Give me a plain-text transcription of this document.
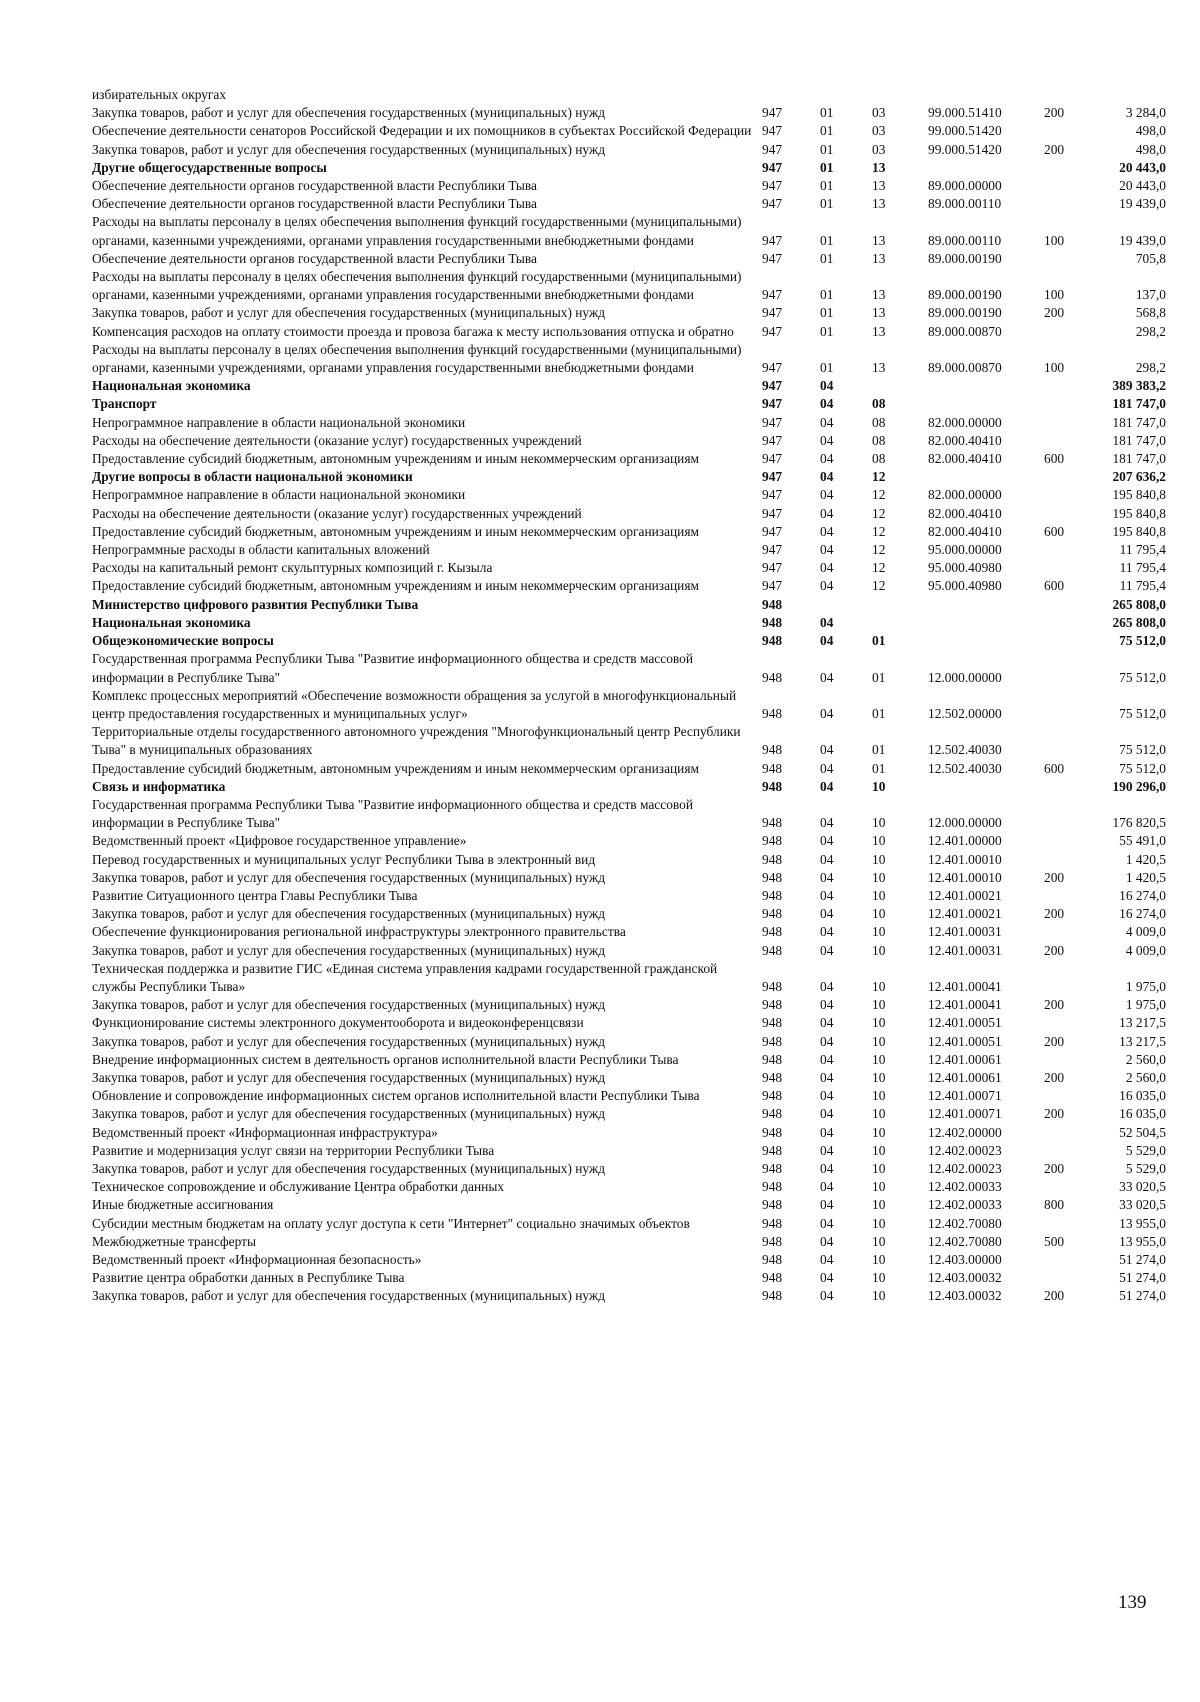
избирательных округах						
Закупка товаров, работ и услуг для обеспечения государственных (муниципальных) нужд	947	01	03	99.000.51410	200	3 284,0
Обеспечение деятельности сенаторов Российской Федерации и их помощников в субъектах Российской Федерации	947	01	03	99.000.51420		498,0
Закупка товаров, работ и услуг для обеспечения государственных (муниципальных) нужд	947	01	03	99.000.51420	200	498,0
Другие общегосударственные вопросы	947	01	13			20 443,0
Обеспечение деятельности органов государственной власти Республики Тыва	947	01	13	89.000.00000		20 443,0
Обеспечение деятельности органов государственной власти Республики Тыва	947	01	13	89.000.00110		19 439,0
Расходы на выплаты персоналу в целях обеспечения выполнения функций государственными (муниципальными) органами, казенными учреждениями, органами управления государственными внебюджетными фондами	947	01	13	89.000.00110	100	19 439,0
Обеспечение деятельности органов государственной власти Республики Тыва	947	01	13	89.000.00190		705,8
Расходы на выплаты персоналу в целях обеспечения выполнения функций государственными (муниципальными) органами, казенными учреждениями, органами управления государственными внебюджетными фондами	947	01	13	89.000.00190	100	137,0
Закупка товаров, работ и услуг для обеспечения государственных (муниципальных) нужд	947	01	13	89.000.00190	200	568,8
Компенсация расходов на оплату стоимости проезда и провоза багажа к месту использования отпуска и обратно	947	01	13	89.000.00870		298,2
Расходы на выплаты персоналу в целях обеспечения выполнения функций государственными (муниципальными) органами, казенными учреждениями, органами управления государственными внебюджетными фондами	947	01	13	89.000.00870	100	298,2
Национальная экономика	947	04				389 383,2
Транспорт	947	04	08			181 747,0
Непрограммное направление в области национальной экономики	947	04	08	82.000.00000		181 747,0
Расходы на обеспечение деятельности (оказание услуг) государственных учреждений	947	04	08	82.000.40410		181 747,0
Предоставление субсидий бюджетным, автономным учреждениям и иным некоммерческим организациям	947	04	08	82.000.40410	600	181 747,0
Другие вопросы в области национальной экономики	947	04	12			207 636,2
Непрограммное направление в области национальной экономики	947	04	12	82.000.00000		195 840,8
Расходы на обеспечение деятельности (оказание услуг) государственных учреждений	947	04	12	82.000.40410		195 840,8
Предоставление субсидий бюджетным, автономным учреждениям и иным некоммерческим организациям	947	04	12	82.000.40410	600	195 840,8
Непрограммные расходы в области капитальных вложений	947	04	12	95.000.00000		11 795,4
Расходы на капитальный ремонт скульптурных композиций г. Кызыла	947	04	12	95.000.40980		11 795,4
Предоставление субсидий бюджетным, автономным учреждениям и иным некоммерческим организациям	947	04	12	95.000.40980	600	11 795,4
Министерство цифрового развития Республики Тыва	948					265 808,0
Национальная экономика	948	04				265 808,0
Общеэкономические вопросы	948	04	01			75 512,0
Государственная программа Республики Тыва "Развитие информационного общества и средств массовой информации в Республике Тыва"	948	04	01	12.000.00000		75 512,0
Комплекс процессных мероприятий «Обеспечение возможности обращения за услугой в многофункциональный центр предоставления государственных и муниципальных услуг»	948	04	01	12.502.00000		75 512,0
Территориальные отделы государственного автономного учреждения "Многофункциональный центр Республики Тыва" в муниципальных образованиях	948	04	01	12.502.40030		75 512,0
Предоставление субсидий бюджетным, автономным учреждениям и иным некоммерческим организациям	948	04	01	12.502.40030	600	75 512,0
Связь и информатика	948	04	10			190 296,0
Государственная программа Республики Тыва "Развитие информационного общества и средств массовой информации в Республике Тыва"	948	04	10	12.000.00000		176 820,5
Ведомственный проект «Цифровое государственное управление»	948	04	10	12.401.00000		55 491,0
Перевод государственных и муниципальных услуг Республики Тыва в электронный вид	948	04	10	12.401.00010		1 420,5
Закупка товаров, работ и услуг для обеспечения государственных (муниципальных) нужд	948	04	10	12.401.00010	200	1 420,5
Развитие Ситуационного центра Главы Республики Тыва	948	04	10	12.401.00021		16 274,0
Закупка товаров, работ и услуг для обеспечения государственных (муниципальных) нужд	948	04	10	12.401.00021	200	16 274,0
Обеспечение функционирования региональной инфраструктуры электронного правительства	948	04	10	12.401.00031		4 009,0
Закупка товаров, работ и услуг для обеспечения государственных (муниципальных) нужд	948	04	10	12.401.00031	200	4 009,0
Техническая поддержка и развитие ГИС «Единая система управления кадрами государственной гражданской службы Республики Тыва»	948	04	10	12.401.00041		1 975,0
Закупка товаров, работ и услуг для обеспечения государственных (муниципальных) нужд	948	04	10	12.401.00041	200	1 975,0
Функционирование системы электронного документооборота и видеоконференцсвязи	948	04	10	12.401.00051		13 217,5
Закупка товаров, работ и услуг для обеспечения государственных (муниципальных) нужд	948	04	10	12.401.00051	200	13 217,5
Внедрение информационных систем в деятельность органов исполнительной власти Республики Тыва	948	04	10	12.401.00061		2 560,0
Закупка товаров, работ и услуг для обеспечения государственных (муниципальных) нужд	948	04	10	12.401.00061	200	2 560,0
Обновление и сопровождение информационных систем органов исполнительной власти Республики Тыва	948	04	10	12.401.00071		16 035,0
Закупка товаров, работ и услуг для обеспечения государственных (муниципальных) нужд	948	04	10	12.401.00071	200	16 035,0
Ведомственный проект «Информационная инфраструктура»	948	04	10	12.402.00000		52 504,5
Развитие и модернизация услуг связи на территории Республики Тыва	948	04	10	12.402.00023		5 529,0
Закупка товаров, работ и услуг для обеспечения государственных (муниципальных) нужд	948	04	10	12.402.00023	200	5 529,0
Техническое сопровождение и обслуживание Центра обработки данных	948	04	10	12.402.00033		33 020,5
Иные бюджетные ассигнования	948	04	10	12.402.00033	800	33 020,5
Субсидии местным бюджетам на оплату услуг доступа к сети "Интернет" социально значимых объектов	948	04	10	12.402.70080		13 955,0
Межбюджетные трансферты	948	04	10	12.402.70080	500	13 955,0
Ведомственный проект «Информационная безопасность»	948	04	10	12.403.00000		51 274,0
Развитие центра обработки данных в Республике Тыва	948	04	10	12.403.00032		51 274,0
Закупка товаров, работ и услуг для обеспечения государственных (муниципальных) нужд	948	04	10	12.403.00032	200	51 274,0
139
